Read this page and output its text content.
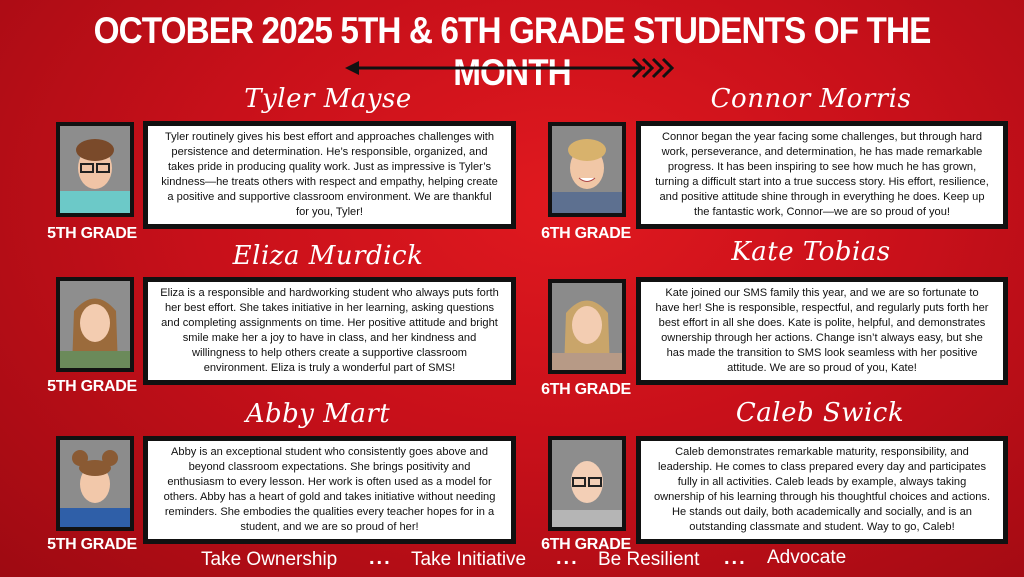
OCTOBER 2025 5TH & 6TH GRADE STUDENTS OF THE MONTH
Tyler Mayse
5TH GRADE
Tyler routinely gives his best effort and approaches challenges with persistence and determination. He’s responsible, organized, and takes pride in producing quality work. Just as impressive is Tyler’s kindness—he treats others with respect and empathy, helping create a positive and supportive classroom environment. We are thankful for you, Tyler!
Connor Morris
6TH GRADE
Connor began the year facing some challenges, but through hard work, perseverance, and determination, he has made remarkable progress. It has been inspiring to see how much he has grown, turning a difficult start into a true success story. His effort, resilience, and positive attitude shine through in everything he does. Keep up the fantastic work, Connor—we are so proud of you!
Eliza Murdick
5TH GRADE
Eliza is a responsible and hardworking student who always puts forth her best effort. She takes initiative in her learning, asking questions and completing assignments on time. Her positive attitude and bright smile make her a joy to have in class, and her kindness and willingness to help others create a supportive classroom environment. Eliza is truly a wonderful part of SMS!
Kate Tobias
6TH GRADE
Kate joined our SMS family this year, and we are so fortunate to have her! She is responsible, respectful, and regularly puts forth her best effort in all she does. Kate is polite, helpful, and demonstrates ownership through her actions. Change isn’t always easy, but she has made the transition to SMS look seamless with her positive attitude. We are so proud of you, Kate!
Abby Mart
5TH GRADE
Abby is an exceptional student who consistently goes above and beyond classroom expectations. She brings positivity and enthusiasm to every lesson. Her work is often used as a model for others. Abby has a heart of gold and takes initiative without needing reminders. She embodies the qualities every teacher hopes for in a student, and we are so proud of her!
Caleb Swick
6TH GRADE
Caleb demonstrates remarkable maturity, responsibility, and leadership. He comes to class prepared every day and participates fully in all activities. Caleb leads by example, always taking ownership of his learning through his thoughtful choices and actions. He stands out daily, both academically and socially, and is an outstanding classmate and student. Way to go, Caleb!
Take Ownership ... Take Initiative ... Be Resilient ... Advocate
